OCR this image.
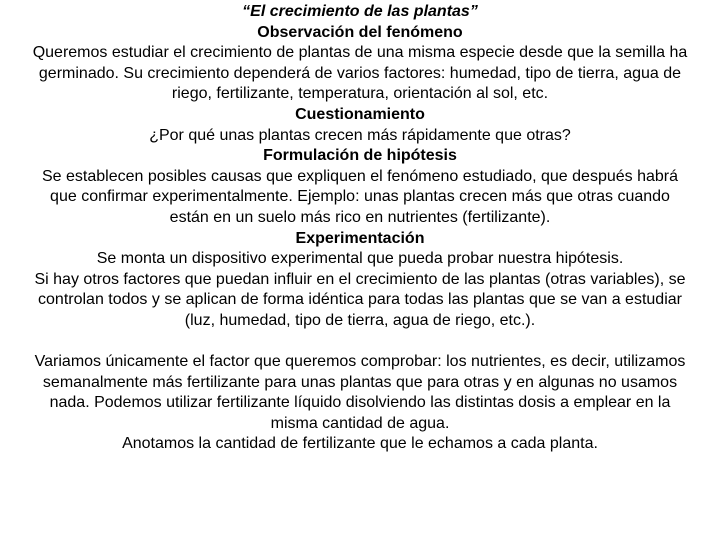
“El crecimiento de las plantas”

Observación del fenómeno

Queremos estudiar el crecimiento de plantas de una misma especie desde que la semilla ha germinado. Su crecimiento dependerá de varios factores: humedad, tipo de tierra, agua de riego, fertilizante, temperatura, orientación al sol, etc.

Cuestionamiento

¿Por qué unas plantas crecen más rápidamente que otras?

Formulación de hipótesis

Se establecen posibles causas que expliquen el fenómeno estudiado, que después habrá que confirmar experimentalmente. Ejemplo: unas plantas crecen más que otras cuando están en un suelo más rico en nutrientes (fertilizante).

Experimentación

Se monta un dispositivo experimental que pueda probar nuestra hipótesis.

Si hay otros factores que puedan influir en el crecimiento de las plantas (otras variables), se controlan todos y se aplican de forma idéntica para todas las plantas que se van a estudiar (luz, humedad, tipo de tierra, agua de riego, etc.).

Variamos únicamente el factor que queremos comprobar: los nutrientes, es decir, utilizamos semanalmente más fertilizante para unas plantas que para otras y en algunas no usamos nada. Podemos utilizar fertilizante líquido disolviendo las distintas dosis a emplear en la misma cantidad de agua.

Anotamos la cantidad de fertilizante que le echamos a cada planta.
